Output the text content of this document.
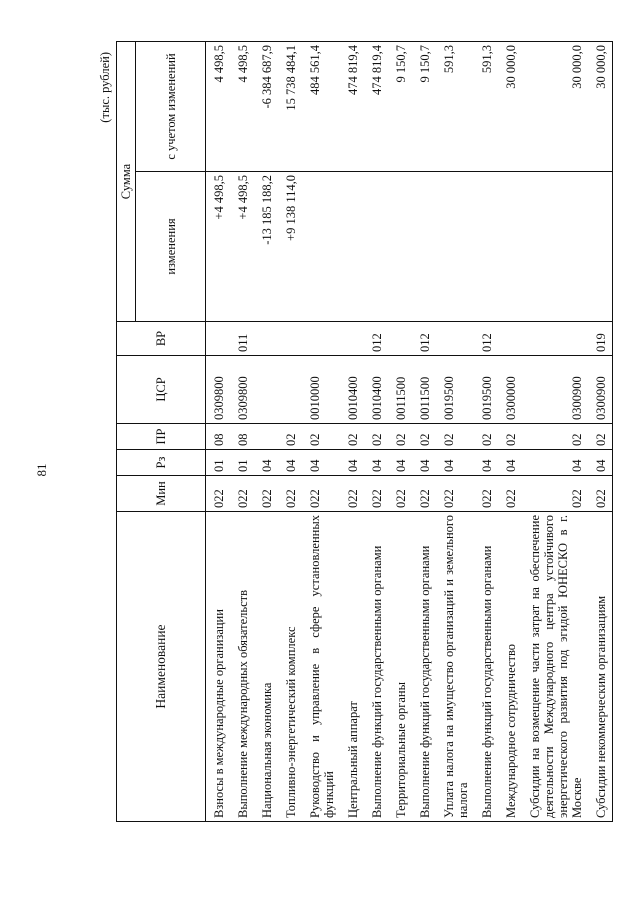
81
(тыс. рублей)
Наименование	Мин	Рз	ПР	ЦСР	ВР	Сумма	
						изменения	с учетом изменений
Взносы в международные организации	022	01	08	0309800		+4 498,5	4 498,5
Выполнение международных обязательств	022	01	08	0309800	011	+4 498,5	4 498,5
Национальная экономика	022	04				-13 185 188,2	-6 384 687,9
Топливно-энергетический комплекс	022	04	02			+9 138 114,0	15 738 484,1
Руководство и управление в сфере установленных функций	022	04	02	0010000			484 561,4
Центральный аппарат	022	04	02	0010400			474 819,4
Выполнение функций государственными органами	022	04	02	0010400	012		474 819,4
Территориальные органы	022	04	02	0011500			9 150,7
Выполнение функций государственными органами	022	04	02	0011500	012		9 150,7
Уплата налога на имущество организаций и земельного налога	022	04	02	0019500			591,3
Выполнение функций государственными органами	022	04	02	0019500	012		591,3
Международное сотрудничество	022	04	02	0300000			30 000,0
Субсидии на возмещение части затрат на обеспечение деятельности Международного центра устойчивого энергетического развития под эгидой ЮНЕСКО в г. Москве	022	04	02	0300900			30 000,0
Субсидии некоммерческим организациям	022	04	02	0300900	019		30 000,0
